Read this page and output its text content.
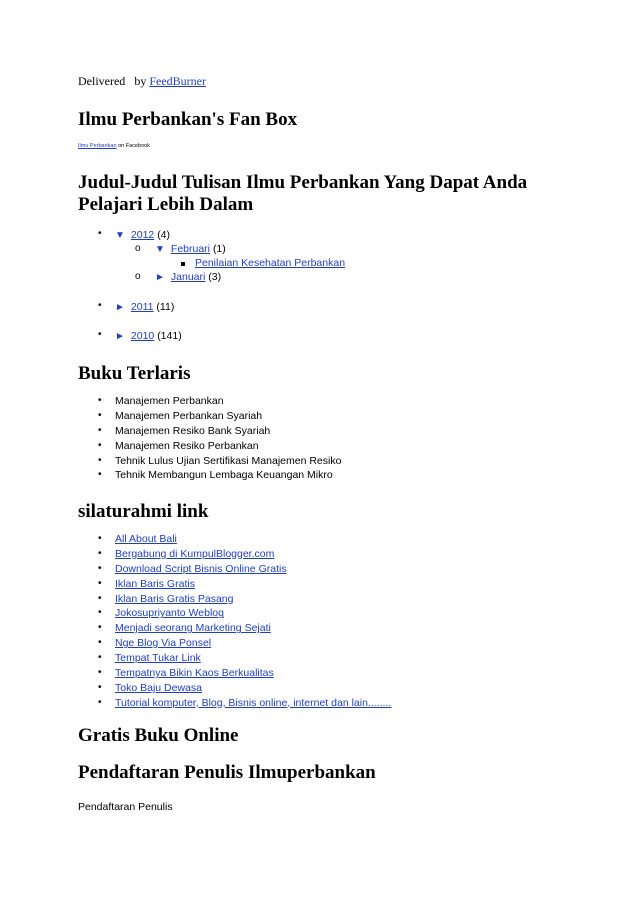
Delivered by FeedBurner
Ilmu Perbankan's Fan Box
Ilmu Perbankan on Facebook
Judul-Judul Tulisan Ilmu Perbankan Yang Dapat Anda
Pelajari Lebih Dalam
• ▼ 2012 (4)
o ▼ Februari (1)
Penilaian Kesehatan Perbankan
o ► Januari (3)
• ► 2011 (11)
• ► 2010 (141)
Buku Terlaris
• Manajemen Perbankan
• Manajemen Perbankan Syariah
• Manajemen Resiko Bank Syariah
• Manajemen Resiko Perbankan
• Tehnik Lulus Ujian Sertifikasi Manajemen Resiko
• Tehnik Membangun Lembaga Keuangan Mikro
silaturahmi link
• All About Bali
• Bergabung di KumpulBlogger.com
• Download Script Bisnis Online Gratis
• Iklan Baris Gratis
• Iklan Baris Gratis Pasang
• Jokosupriyanto Weblog
• Menjadi seorang Marketing Sejati
• Nge Blog Via Ponsel
• Tempat Tukar Link
• Tempatnya Bikin Kaos Berkualitas
• Toko Baju Dewasa
• Tutorial komputer, Blog, Bisnis online, internet dan lain........
Gratis Buku Online
Pendaftaran Penulis Ilmuperbankan
Pendaftaran Penulis
